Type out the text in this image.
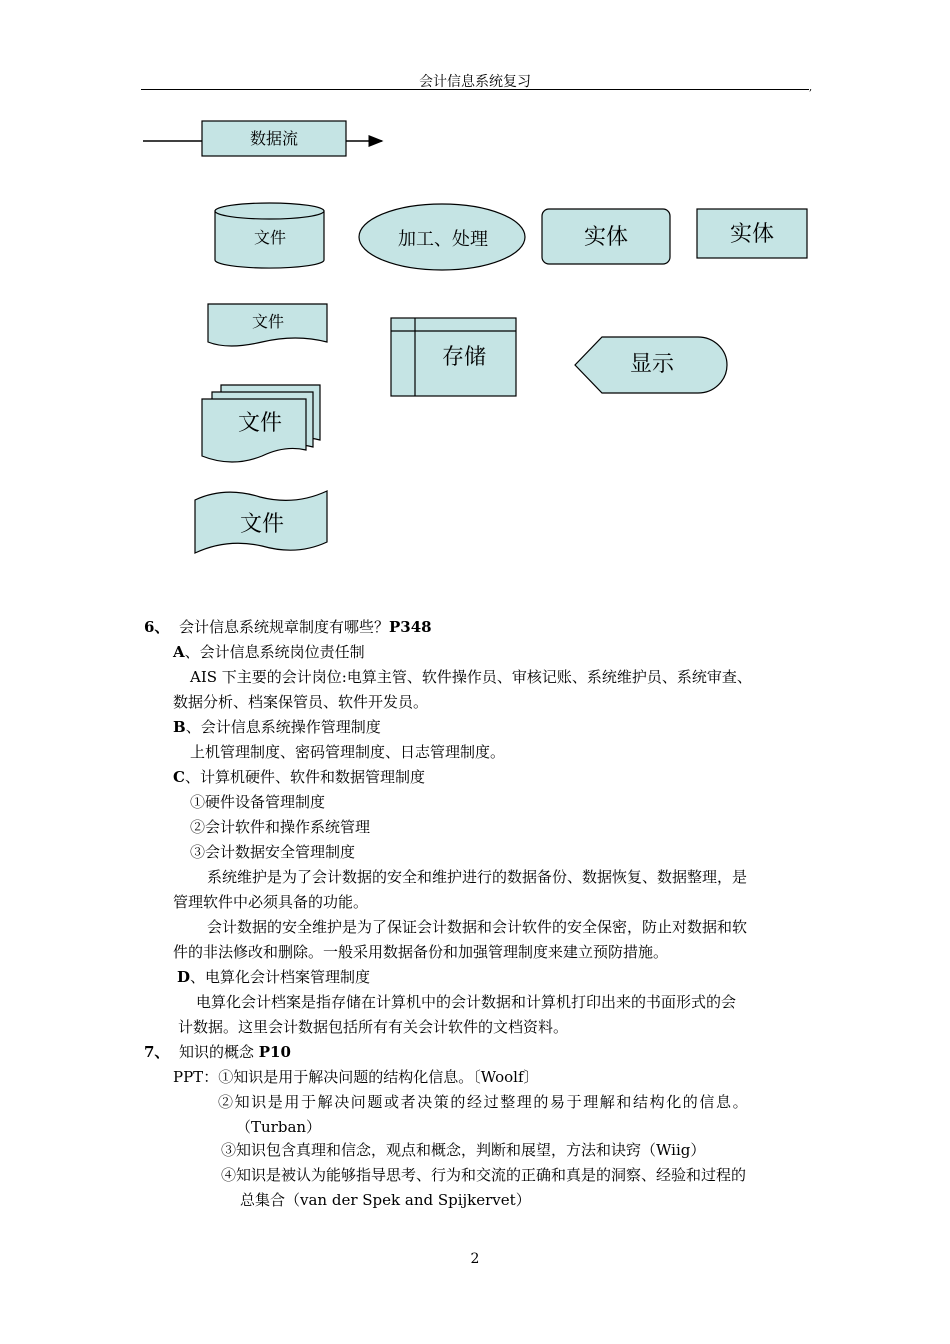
会计信息系统复习	,
数据流
文件	加工、处理	实体	实体
文件
存储	显示
文件
文件
6、 会计信息系统规章制度有哪些？P348
A、会计信息系统岗位责任制
AIS 下主要的会计岗位:电算主管、软件操作员、审核记账、系统维护员、系统审查、
数据分析、档案保管员、软件开发员。
B、会计信息系统操作管理制度
上机管理制度、密码管理制度、日志管理制度。
C、计算机硬件、软件和数据管理制度
①硬件设备管理制度
②会计软件和操作系统管理
③会计数据安全管理制度
系统维护是为了会计数据的安全和维护进行的数据备份、数据恢复、数据整理，是
管理软件中必须具备的功能。
会计数据的安全维护是为了保证会计数据和会计软件的安全保密，防止对数据和软
件的非法修改和删除。一般采用数据备份和加强管理制度来建立预防措施。
D、电算化会计档案管理制度
电算化会计档案是指存储在计算机中的会计数据和计算机打印出来的书面形式的会
计数据。这里会计数据包括所有有关会计软件的文档资料。
7、 知识的概念 P10
PPT：①知识是用于解决问题的结构化信息。〔Woolf〕
②知识是用于解决问题或者决策的经过整理的易于理解和结构化的信息。
（Turban）
③知识包含真理和信念，观点和概念，判断和展望，方法和诀窍（Wiig）
④知识是被认为能够指导思考、行为和交流的正确和真是的洞察、经验和过程的
总集合（van der Spek and Spijkervet）
2
